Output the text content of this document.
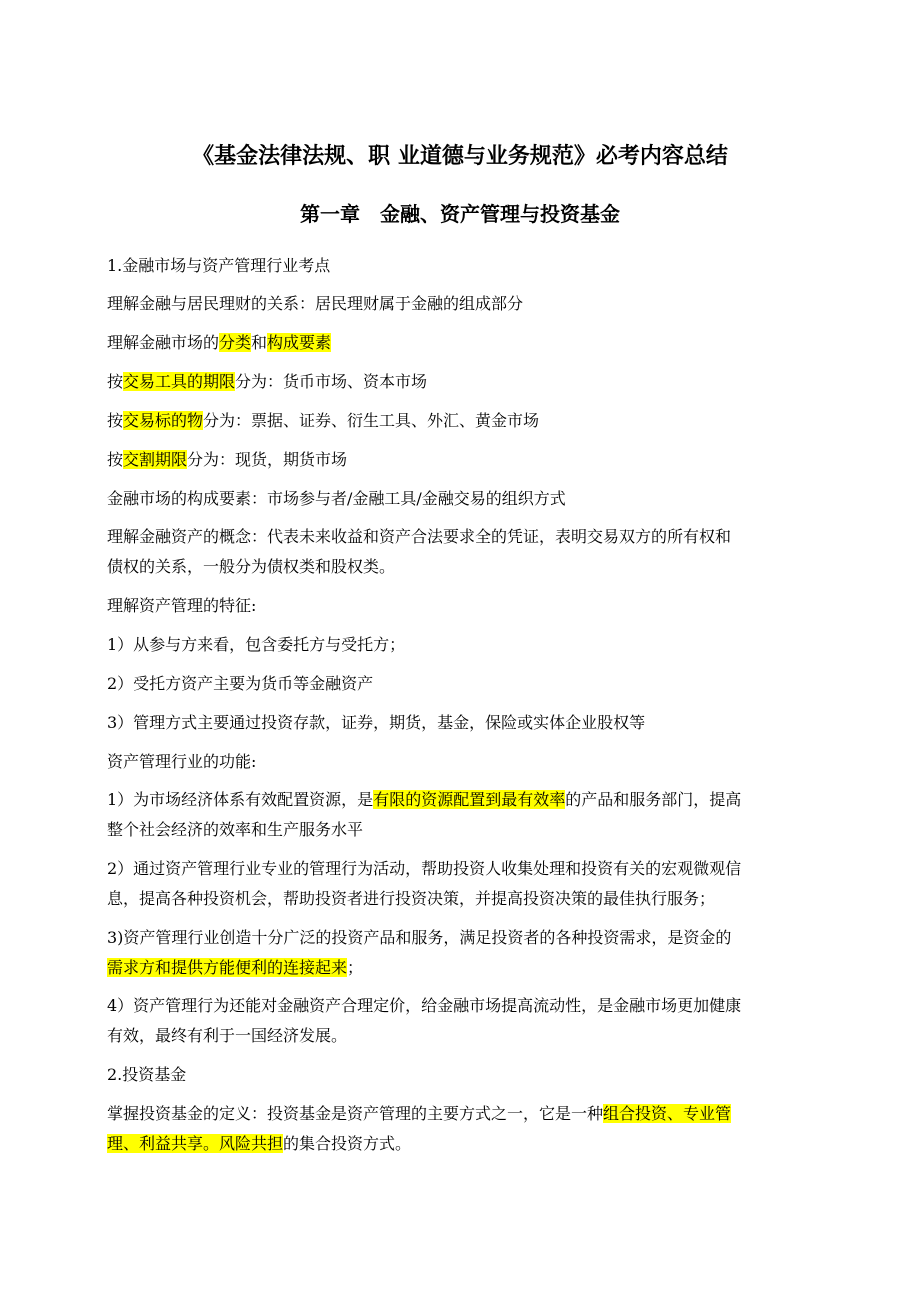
《基金法律法规、职 业道德与业务规范》必考内容总结
第一章　金融、资产管理与投资基金
1.金融市场与资产管理行业考点
理解金融与居民理财的关系：居民理财属于金融的组成部分
理解金融市场的分类和构成要素
按交易工具的期限分为：货币市场、资本市场
按交易标的物分为：票据、证券、衍生工具、外汇、黄金市场
按交割期限分为：现货，期货市场
金融市场的构成要素：市场参与者/金融工具/金融交易的组织方式
理解金融资产的概念：代表未来收益和资产合法要求全的凭证，表明交易双方的所有权和
债权的关系，一般分为债权类和股权类。
理解资产管理的特征:
1）从参与方来看，包含委托方与受托方；
2）受托方资产主要为货币等金融资产
3）管理方式主要通过投资存款，证券，期货，基金，保险或实体企业股权等
资产管理行业的功能:
1）为市场经济体系有效配置资源，是有限的资源配置到最有效率的产品和服务部门，提高
整个社会经济的效率和生产服务水平
2）通过资产管理行业专业的管理行为活动，帮助投资人收集处理和投资有关的宏观微观信
息，提高各种投资机会，帮助投资者进行投资决策，并提高投资决策的最佳执行服务；
3)资产管理行业创造十分广泛的投资产品和服务，满足投资者的各种投资需求，是资金的
需求方和提供方能便利的连接起来；
4）资产管理行为还能对金融资产合理定价，给金融市场提高流动性，是金融市场更加健康
有效，最终有利于一国经济发展。
2.投资基金
掌握投资基金的定义：投资基金是资产管理的主要方式之一，它是一种组合投资、专业管
理、利益共享。风险共担的集合投资方式。
